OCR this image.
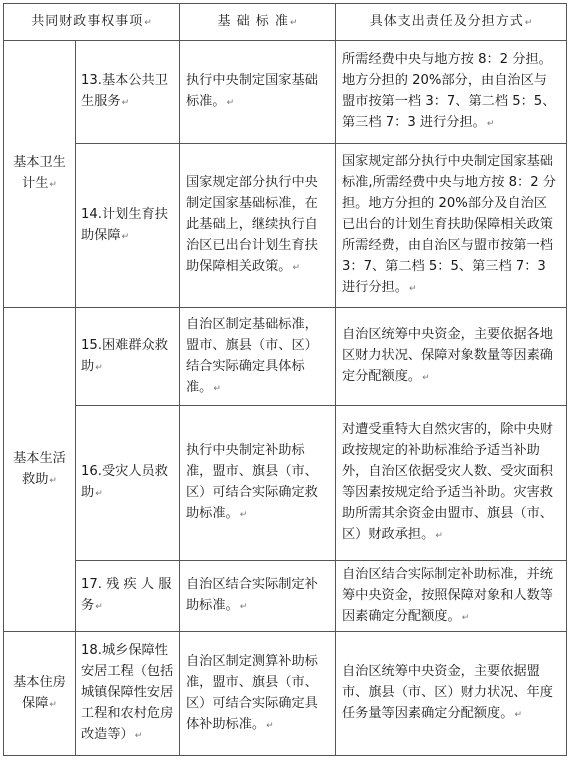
共同财政事权事项 ↵		基 础 标 准 ↵	具体支出责任及分担方式 ↵
基本卫生计生 ↵	13.基本公共卫生服务 ↵	执行中央制定国家基础标准。 ↵	所需经费中央与地方按 8：2 分担。地方分担的 20%部分，由自治区与盟市按第一档 3：7、第二档 5：5、第三档 7：3 进行分担。 ↵
	14.计划生育扶助保障 ↵	国家规定部分执行中央制定国家基础标准，在此基础上，继续执行自治区已出台计划生育扶助保障相关政策。 ↵	国家规定部分执行中央制定国家基础标准,所需经费中央与地方按 8：2 分担。地方分担的 20%部分及自治区已出台的计划生育扶助保障相关政策所需经费，由自治区与盟市按第一档 3：7、第二档 5：5、第三档 7：3 进行分担。 ↵
基本生活救助 ↵	15.困难群众救助 ↵	自治区制定基础标准，盟市、旗县（市、区）结合实际确定具体标准。 ↵	自治区统筹中央资金，主要依据各地区财力状况、保障对象数量等因素确定分配额度。 ↵
	16.受灾人员救助 ↵	执行中央制定补助标准，盟市、旗县（市、区）可结合实际确定救助标准。 ↵	对遭受重特大自然灾害的，除中央财政按规定的补助标准给予适当补助外，自治区依据受灾人数、受灾面积等因素按规定给予适当补助。灾害救助所需其余资金由盟市、旗县（市、区）财政承担。 ↵
	17. 残 疾 人 服 务 ↵	自治区结合实际制定补助标准。 ↵	自治区结合实际制定补助标准，并统筹中央资金，按照保障对象和人数等因素确定分配额度。 ↵
基本住房保障 ↵	18.城乡保障性安居工程（包括城镇保障性安居工程和农村危房改造等） ↵	自治区制定测算补助标准，盟市、旗县（市、区）可结合实际确定具体补助标准。 ↵	自治区统筹中央资金，主要依据盟市、旗县（市、区）财力状况、年度任务量等因素确定分配额度。 ↵
